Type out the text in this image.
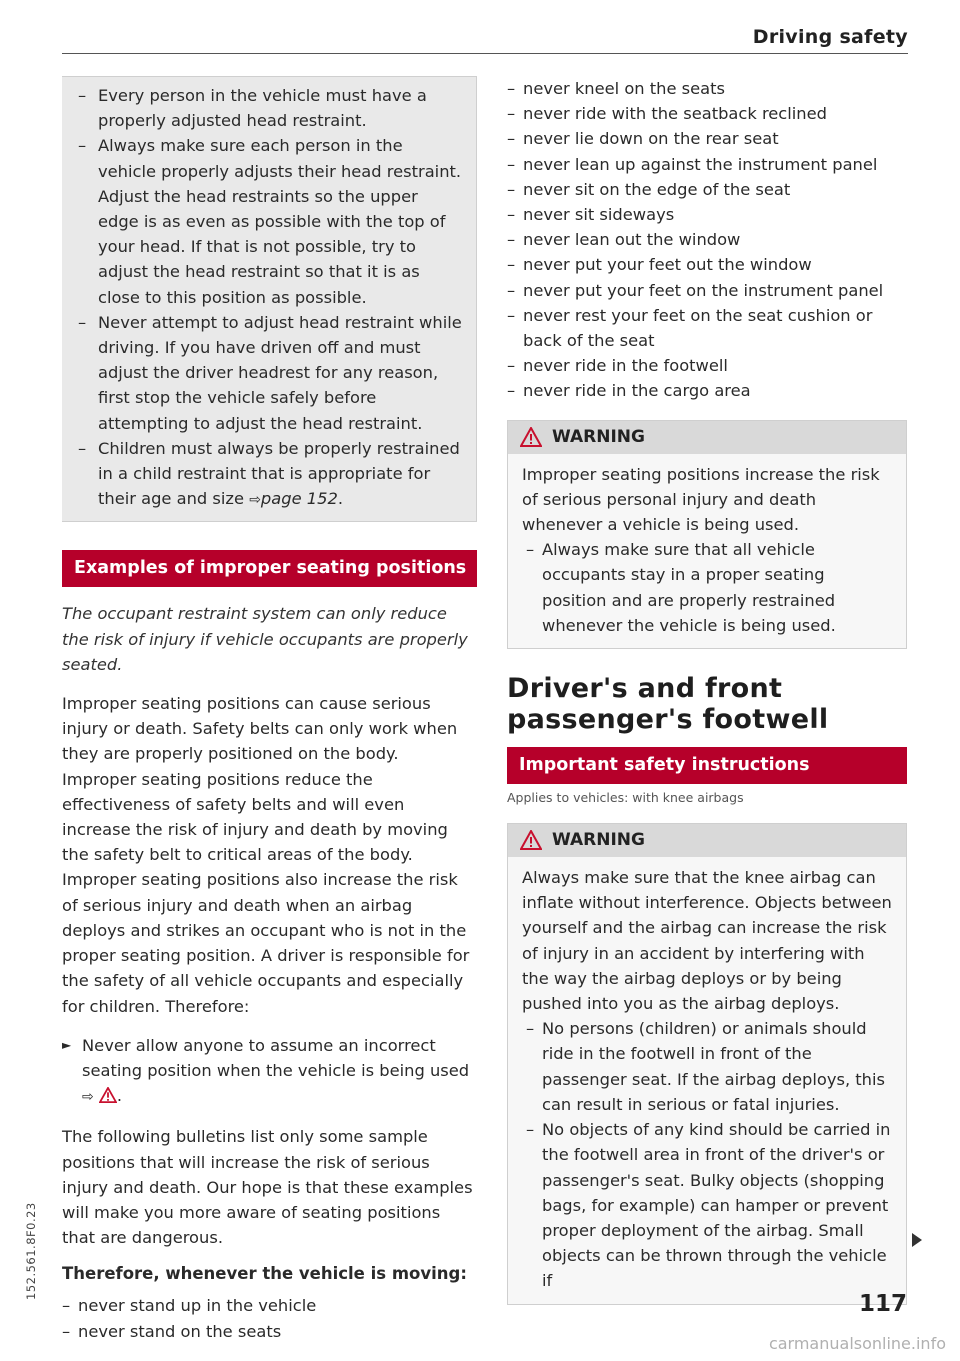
Driving safety
– Every person in the vehicle must have a properly adjusted head restraint.
– Always make sure each person in the vehicle properly adjusts their head restraint. Adjust the head restraints so the upper edge is as even as possible with the top of your head. If that is not possible, try to adjust the head restraint so that it is as close to this position as possible.
– Never attempt to adjust head restraint while driving. If you have driven off and must adjust the driver headrest for any reason, first stop the vehicle safely before attempting to adjust the head restraint.
– Children must always be properly restrained in a child restraint that is appropriate for their age and size ⇨page 152.
Examples of improper seating positions
The occupant restraint system can only reduce the risk of injury if vehicle occupants are properly seated.
Improper seating positions can cause serious injury or death. Safety belts can only work when they are properly positioned on the body. Improper seating positions reduce the effectiveness of safety belts and will even increase the risk of injury and death by moving the safety belt to critical areas of the body. Improper seating positions also increase the risk of serious injury and death when an airbag deploys and strikes an occupant who is not in the proper seating position. A driver is responsible for the safety of all vehicle occupants and especially for children. Therefore:
► Never allow anyone to assume an incorrect seating position when the vehicle is being used ⇨ .
The following bulletins list only some sample positions that will increase the risk of serious injury and death. Our hope is that these examples will make you more aware of seating positions that are dangerous.
Therefore, whenever the vehicle is moving:
– never stand up in the vehicle
– never stand on the seats
– never kneel on the seats
– never ride with the seatback reclined
– never lie down on the rear seat
– never lean up against the instrument panel
– never sit on the edge of the seat
– never sit sideways
– never lean out the window
– never put your feet out the window
– never put your feet on the instrument panel
– never rest your feet on the seat cushion or back of the seat
– never ride in the footwell
– never ride in the cargo area
WARNING
Improper seating positions increase the risk of serious personal injury and death whenever a vehicle is being used.
– Always make sure that all vehicle occupants stay in a proper seating position and are properly restrained whenever the vehicle is being used.
Driver's and front
passenger's footwell
Important safety instructions
Applies to vehicles: with knee airbags
WARNING
Always make sure that the knee airbag can inflate without interference. Objects between yourself and the airbag can increase the risk of injury in an accident by interfering with the way the airbag deploys or by being pushed into you as the airbag deploys.
– No persons (children) or animals should ride in the footwell in front of the passenger seat. If the airbag deploys, this can result in serious or fatal injuries.
– No objects of any kind should be carried in the footwell area in front of the driver's or passenger's seat. Bulky objects (shopping bags, for example) can hamper or prevent proper deployment of the airbag. Small objects can be thrown through the vehicle if
117
152.561.8F0.23
carmanualsonline.info
